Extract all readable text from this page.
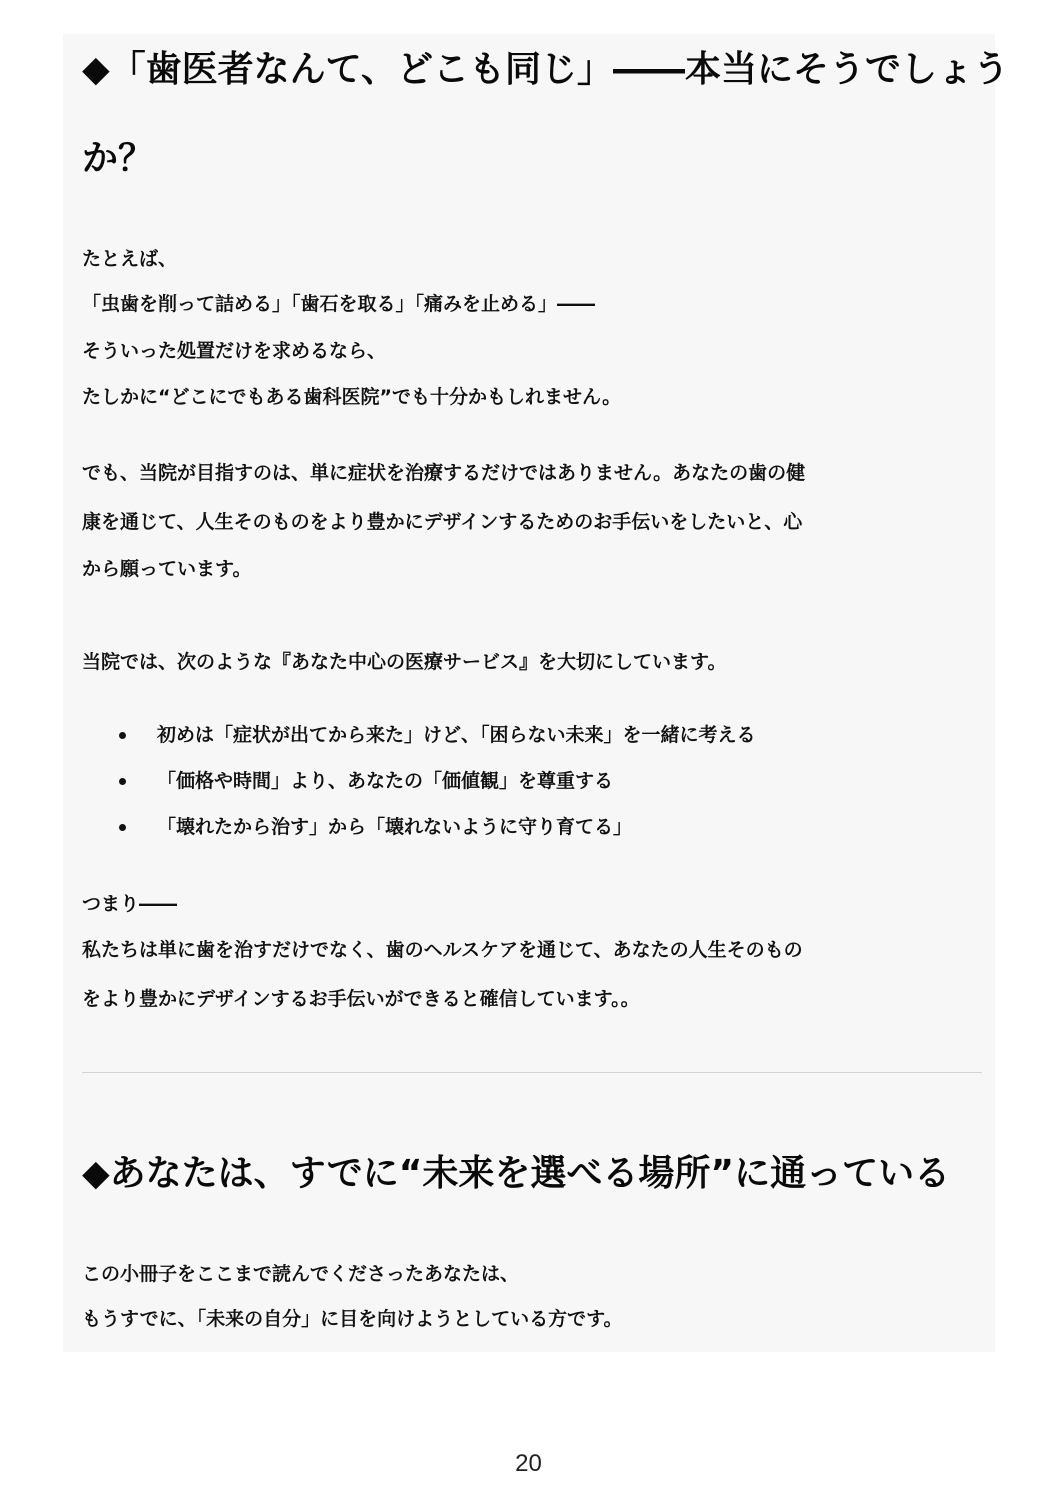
◆「歯医者なんて、どこも同じ」――本当にそうでしょう
か？

たとえば、

「虫歯を削って詰める」「歯石を取る」「痛みを止める」――

そういった処置だけを求めるなら、

たしかに“どこにでもある歯科医院”でも十分かもしれません。

でも、当院が目指すのは、単に症状を治療するだけではありません。あなたの歯の健

康を通じて、人生そのものをより豊かにデザインするためのお手伝いをしたいと、心

から願っています。

当院では、次のような『あなた中心の医療サービス』を大切にしています。

初めは「症状が出てから来た」けど、「困らない未来」を一緒に考える
「価格や時間」より、あなたの「価値観」を尊重する
「壊れたから治す」から「壊れないように守り育てる」

つまり――

私たちは単に歯を治すだけでなく、歯のヘルスケアを通じて、あなたの人生そのもの

をより豊かにデザインするお手伝いができると確信しています。。

◆あなたは、すでに“未来を選べる場所”に通っている

この小冊子をここまで読んでくださったあなたは、

もうすでに、「未来の自分」に目を向けようとしている方です。

20
